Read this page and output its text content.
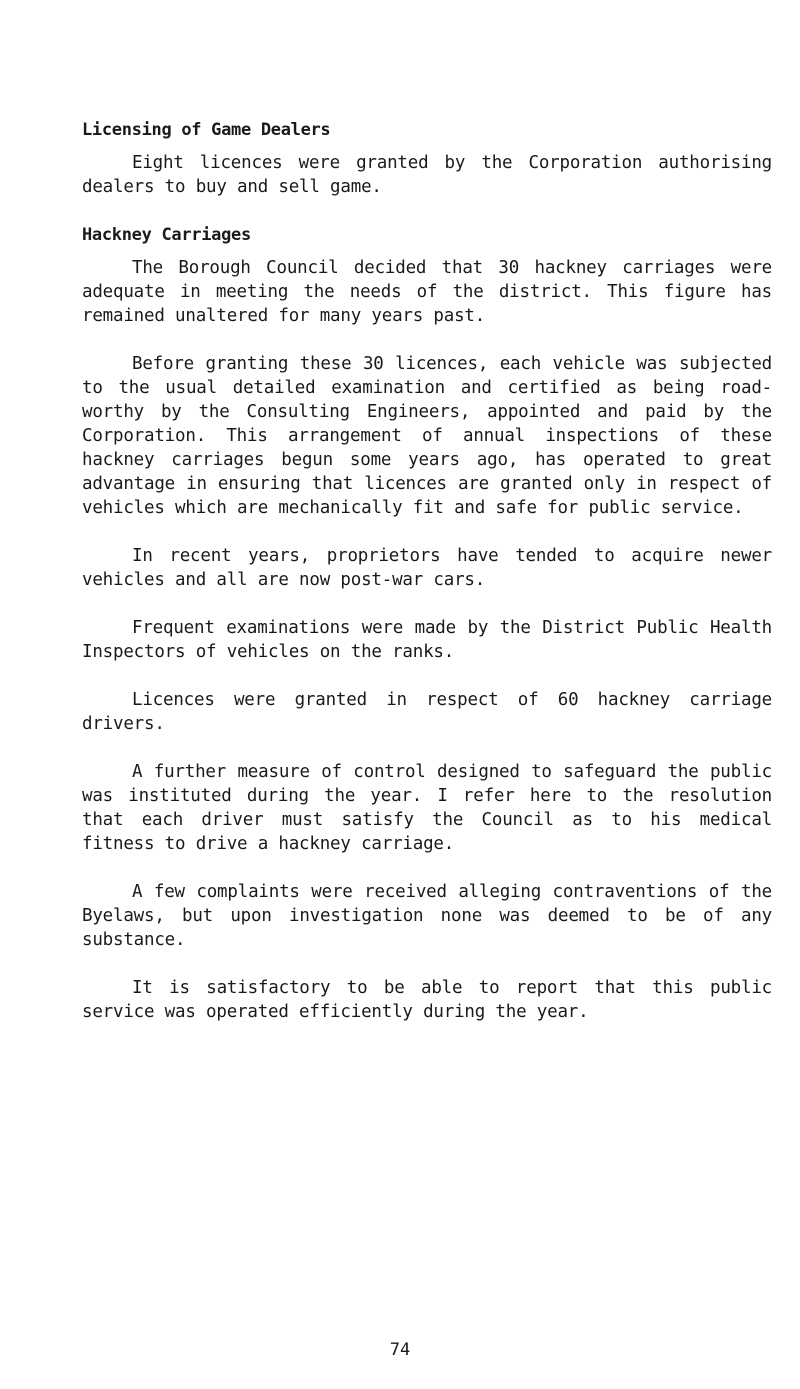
Licensing of Game Dealers

Eight licences were granted by the Corporation authorising dealers to buy and sell game.

Hackney Carriages

The Borough Council decided that 30 hackney carriages were adequate in meeting the needs of the district. This figure has remained unaltered for many years past.

Before granting these 30 licences, each vehicle was subjected to the usual detailed examination and certified as being road-worthy by the Consulting Engineers, appointed and paid by the Corporation. This arrangement of annual inspections of these hackney carriages begun some years ago, has operated to great advantage in ensuring that licences are granted only in respect of vehicles which are mechanically fit and safe for public service.

In recent years, proprietors have tended to acquire newer vehicles and all are now post-war cars.

Frequent examinations were made by the District Public Health Inspectors of vehicles on the ranks.

Licences were granted in respect of 60 hackney carriage drivers.

A further measure of control designed to safeguard the public was instituted during the year. I refer here to the resolution that each driver must satisfy the Council as to his medical fitness to drive a hackney carriage.

A few complaints were received alleging contraventions of the Byelaws, but upon investigation none was deemed to be of any substance.

It is satisfactory to be able to report that this public service was operated efficiently during the year.

74
